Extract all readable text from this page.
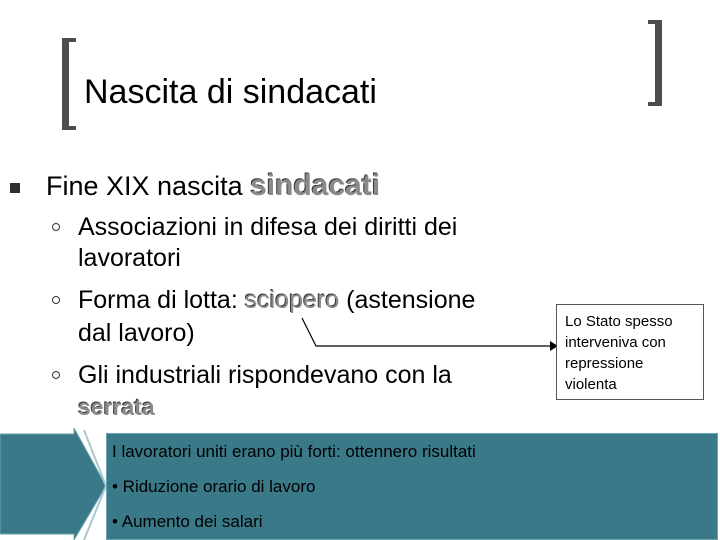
Nascita di sindacati
Fine XIX nascita sindacati
Associazioni in difesa dei diritti dei
lavoratori
Forma di lotta: sciopero (astensione
dal lavoro)
Gli industriali rispondevano con la
serrata
Lo Stato spesso interveniva con repressione violenta
I lavoratori uniti erano più forti: ottennero risultati
• Riduzione orario di lavoro
• Aumento dei salari
